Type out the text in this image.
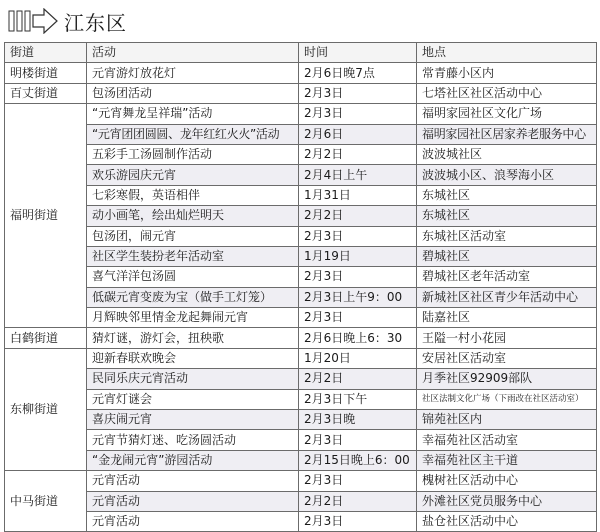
江东区
街道	活动	时间	地点
明楼街道	元宵游灯放花灯	2月6日晚7点	常青藤小区内
百丈街道	包汤团活动	2月3日	七塔社区社区活动中心
福明街道	“元宵舞龙呈祥瑞”活动	2月3日	福明家园社区文化广场
	“元宵团团圆圆、龙年红红火火”活动	2月6日	福明家园社区居家养老服务中心
	五彩手工汤圆制作活动	2月2日	波波城社区
	欢乐游园庆元宵	2月4日上午	波波城小区、浪琴海小区
	七彩寒假，英语相伴	1月31日	东城社区
	动小画笔，绘出灿烂明天	2月2日	东城社区
	包汤团，闹元宵	2月3日	东城社区活动室
	社区学生装扮老年活动室	1月19日	碧城社区
	喜气洋洋包汤圆	2月3日	碧城社区老年活动室
	低碳元宵变废为宝（做手工灯笼）	2月3日上午9：00	新城社区社区青少年活动中心
	月辉映邻里情金龙起舞闹元宵	2月3日	陆嘉社区
白鹤街道	猜灯谜，游灯会，扭秧歌	2月6日晚上6：30	王隘一村小花园
东柳街道	迎新春联欢晚会	1月20日	安居社区活动室
	民同乐庆元宵活动	2月2日	月季社区92909部队
	元宵灯谜会	2月3日下午	社区法制文化广场（下雨改在社区活动室）
	喜庆闹元宵	2月3日晚	锦苑社区内
	元宵节猜灯迷、吃汤圆活动	2月3日	幸福苑社区活动室
	“金龙闹元宵”游园活动	2月15日晚上6：00	幸福苑社区主干道
中马街道	元宵活动	2月3日	槐树社区活动中心
	元宵活动	2月2日	外滩社区党员服务中心
	元宵活动	2月3日	盐仓社区活动中心
